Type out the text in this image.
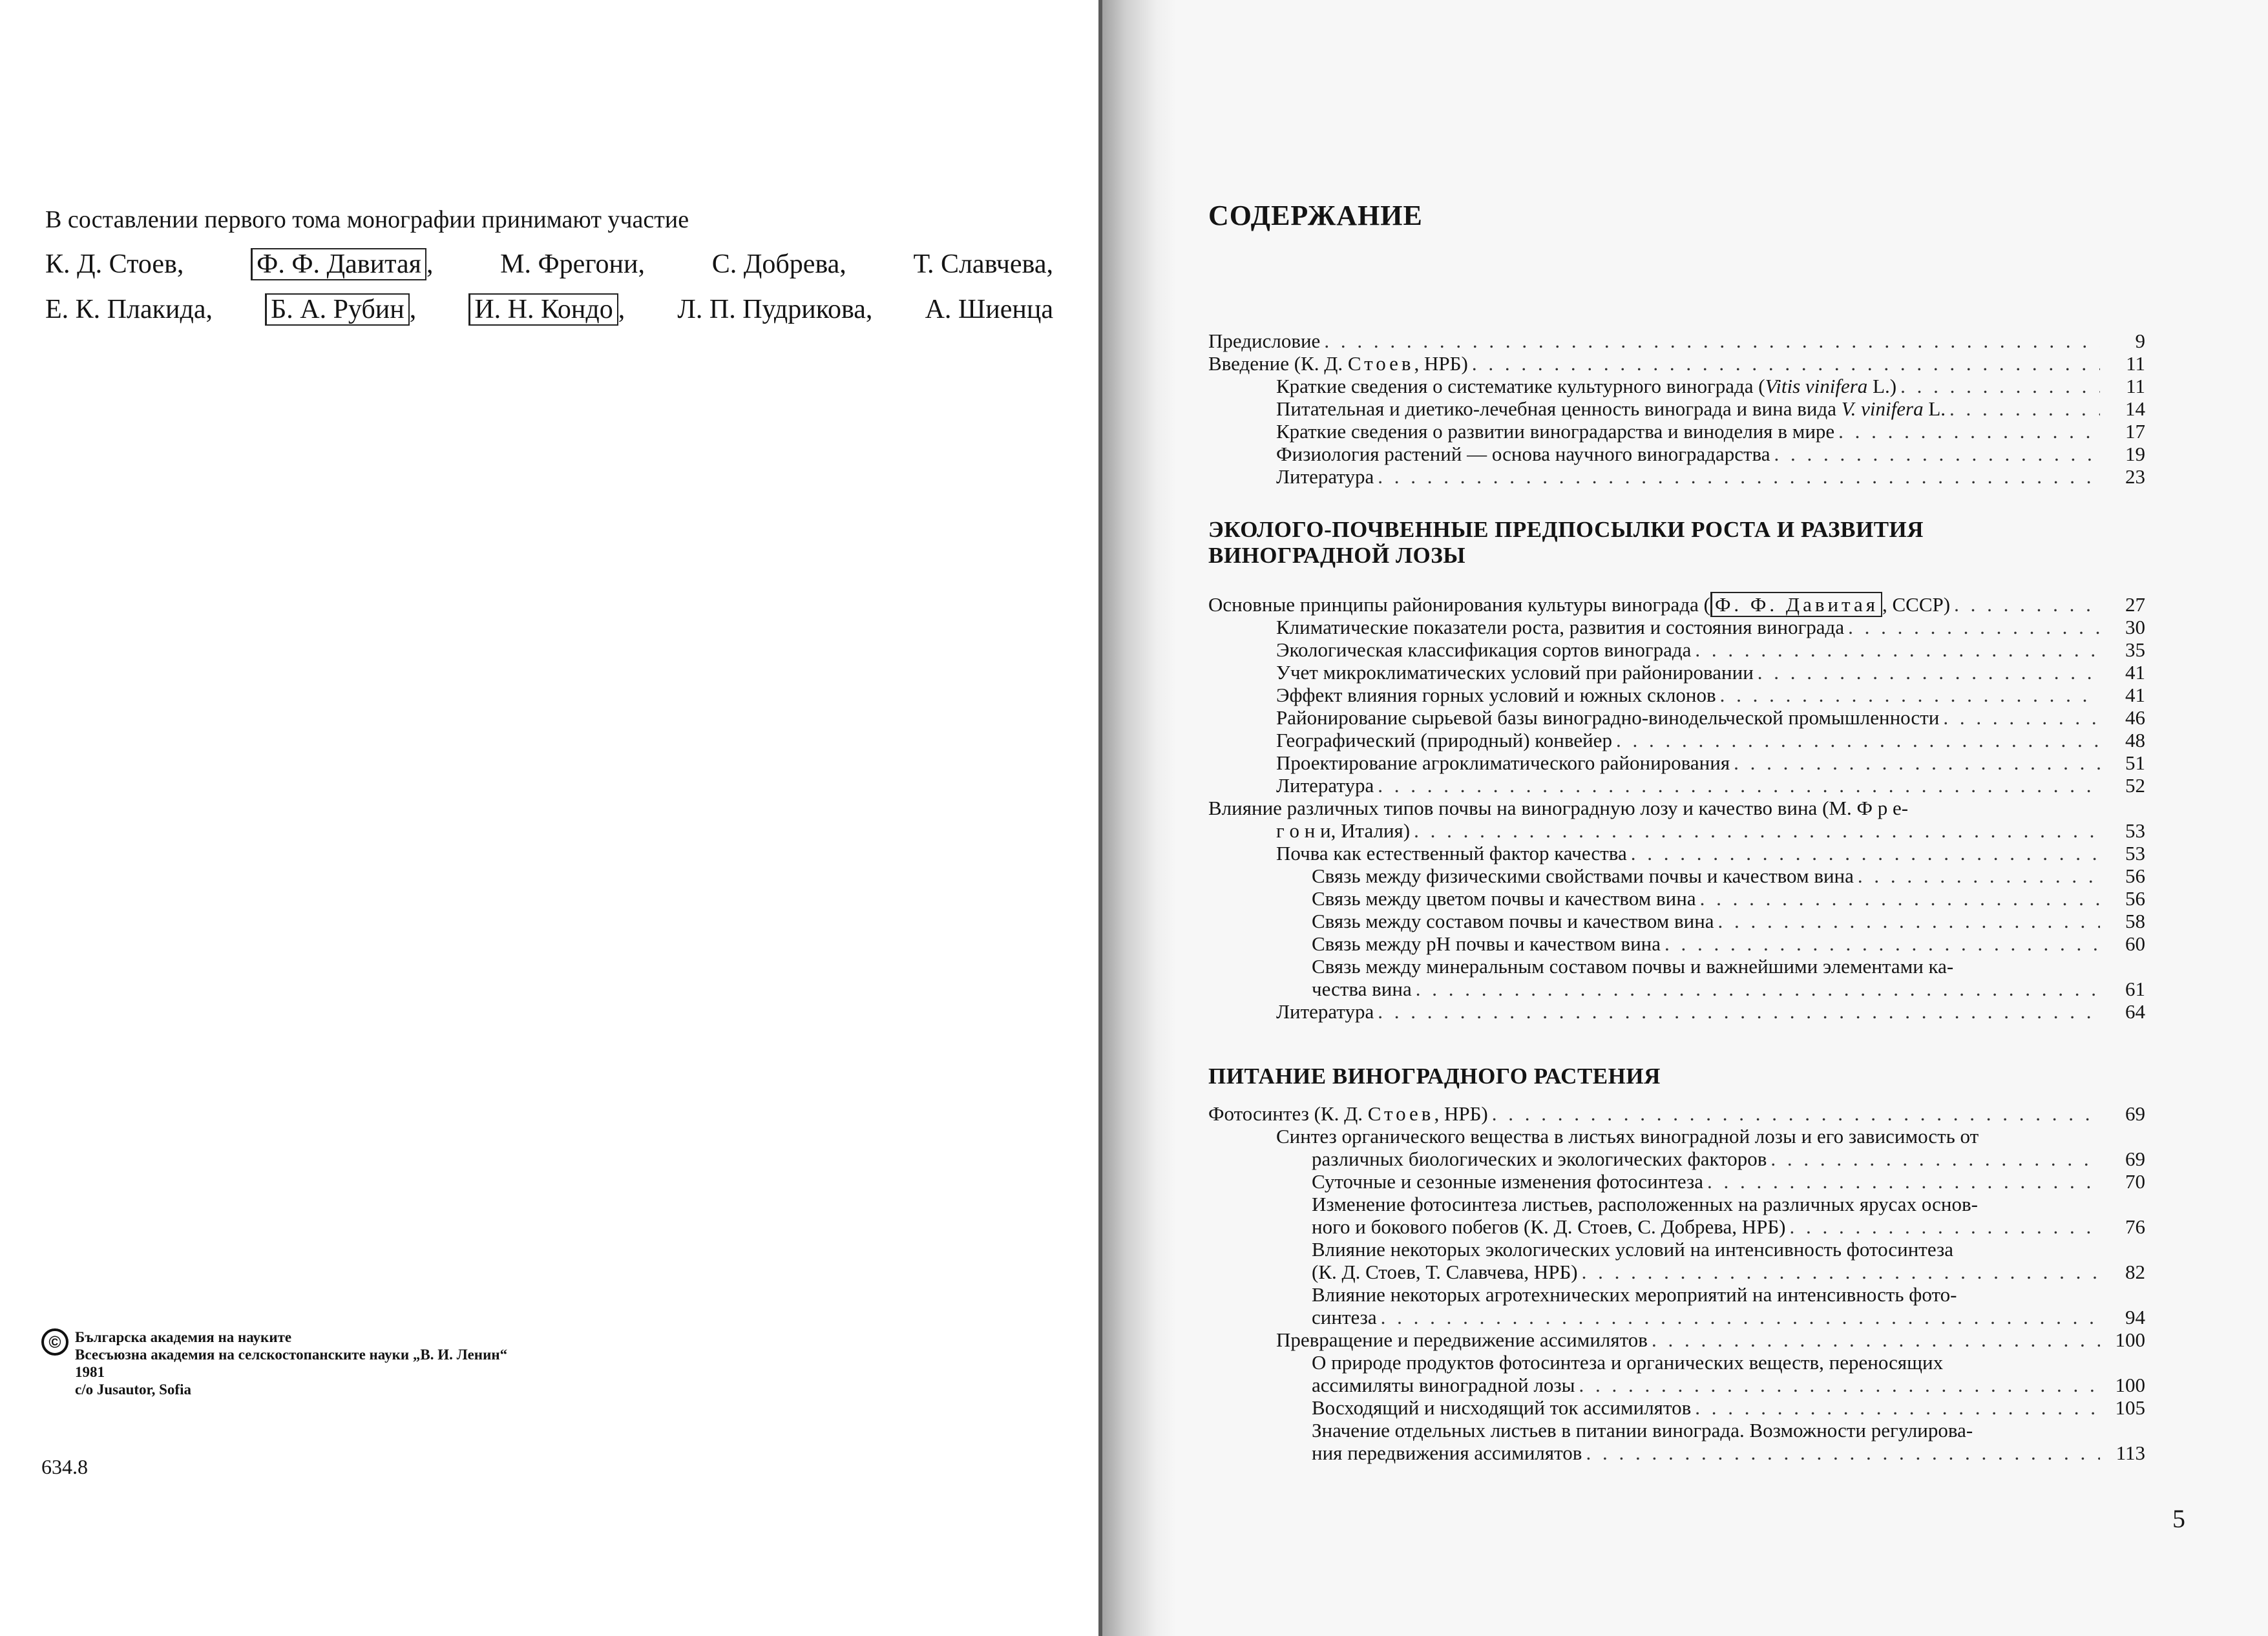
В составлении первого тома монографии принимают участие
К. Д. Стоев,	Ф. Ф. Давитая , М. Фрегони, С. Добрева, Т. Славчева,
Е. К. Плакида, Б. А. Рубин , И. Н. Кондо , Л. П. Пудрикова, А. Шиенца
© Българска академия на науките
Всесъюзна академия на селскостопанските науки „В. И. Ленин“
1981
c/o Jusautor, Sofia
634.8
СОДЕРЖАНИЕ
Предисловие . . .	9
Введение (К. Д. Стоев, НРБ) . . .	11
Краткие сведения о систематике культурного винограда (Vitis vinifera L.) . . .	11
Питательная и диетико-лечебная ценность винограда и вина вида V. vinifera L. . . .	14
Краткие сведения о развитии виноградарства и виноделия в мире . . .	17
Физиология растений — основа научного виноградарства . . .	19
Литература . . .	23
ЭКОЛОГО-ПОЧВЕННЫЕ ПРЕДПОСЫЛКИ РОСТА И РАЗВИТИЯ
ВИНОГРАДНОЙ ЛОЗЫ
Основные принципы районирования культуры винограда ( Ф. Ф. Давитая , СССР) . . .	27
Климатические показатели роста, развития и состояния винограда . . .	30
Экологическая классификация сортов винограда . . .	35
Учет микроклиматических условий при районировании . . .	41
Эффект влияния горных условий и южных склонов . . .	41
Районирование сырьевой базы виноградно-винодельческой промышленности . . .	46
Географический (природный) конвейер . . .	48
Проектирование агроклиматического районирования . . .	51
Литература . . .	52
Влияние различных типов почвы на виноградную лозу и качество вина (М. Ф р е-
г о н и, Италия) . . .	53
Почва как естественный фактор качества . . .	53
Связь между физическими свойствами почвы и качеством вина . . .	56
Связь между цветом почвы и качеством вина . . .	56
Связь между составом почвы и качеством вина . . .	58
Связь между pH почвы и качеством вина . . .	60
Связь между минеральным составом почвы и важнейшими элементами ка-
чества вина . . .	61
Литература . . .	64
ПИТАНИЕ ВИНОГРАДНОГО РАСТЕНИЯ
Фотосинтез (К. Д. Стоев, НРБ) . . .	69
Синтез органического вещества в листьях виноградной лозы и его зависимость от
различных биологических и экологических факторов . . .	69
Суточные и сезонные изменения фотосинтеза . . .	70
Изменение фотосинтеза листьев, расположенных на различных ярусах основ-
ного и бокового побегов (К. Д. Стоев, С. Добрева, НРБ) . . .	76
Влияние некоторых экологических условий на интенсивность фотосинтеза
(К. Д. Стоев, Т. Славчева, НРБ) . . .	82
Влияние некоторых агротехнических мероприятий на интенсивность фото-
синтеза . . .	94
Превращение и передвижение ассимилятов . . .	100
О природе продуктов фотосинтеза и органических веществ, переносящих
ассимиляты виноградной лозы . . .	100
Восходящий и нисходящий ток ассимилятов . . .	105
Значение отдельных листьев в питании винограда. Возможности регулирова-
ния передвижения ассимилятов . . .	113
5
